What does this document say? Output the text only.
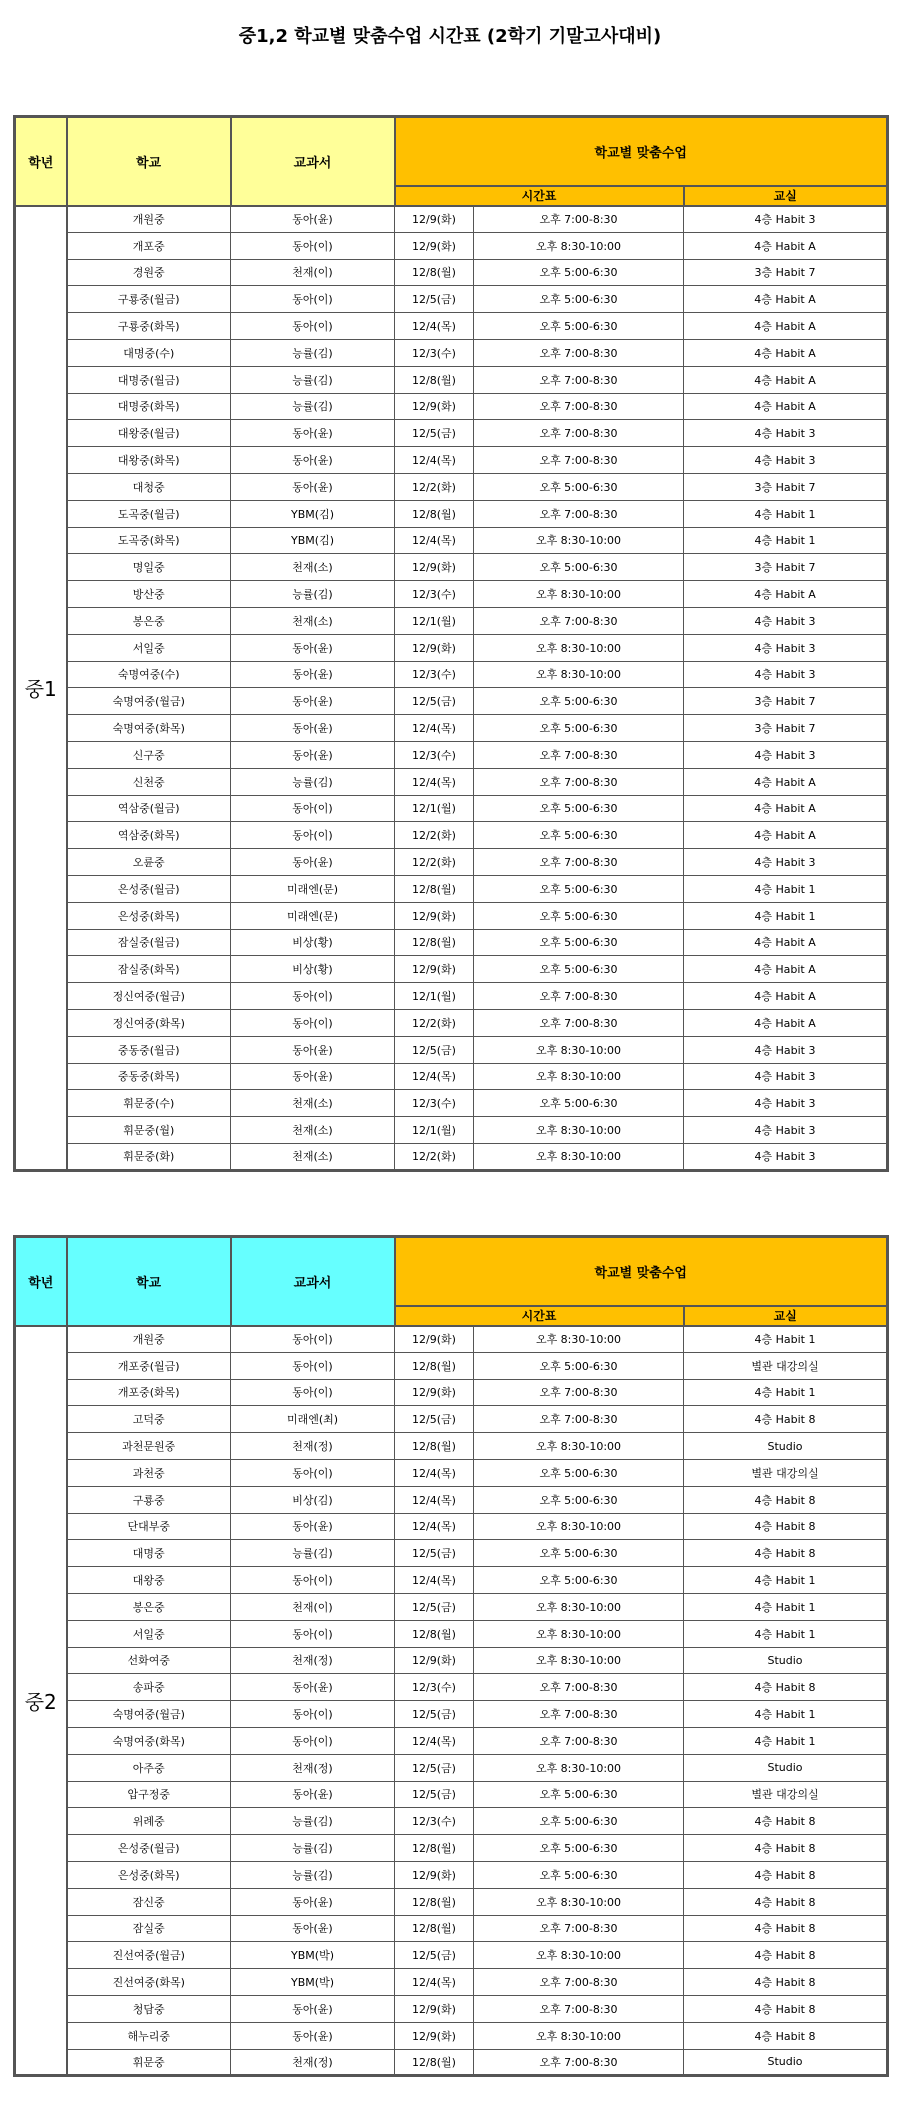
중1,2 학교별 맞춤수업 시간표 (2학기 기말고사대비)
학년	학교	교과서	학교별 맞춤수업		
			시간표		교실
중1	개원중	동아(윤)	12/9(화)	오후 7:00-8:30	4층 Habit 3
	개포중	동아(이)	12/9(화)	오후 8:30-10:00	4층 Habit A
	경원중	천재(이)	12/8(월)	오후 5:00-6:30	3층 Habit 7
	구룡중(월금)	동아(이)	12/5(금)	오후 5:00-6:30	4층 Habit A
	구룡중(화목)	동아(이)	12/4(목)	오후 5:00-6:30	4층 Habit A
	대명중(수)	능률(김)	12/3(수)	오후 7:00-8:30	4층 Habit A
	대명중(월금)	능률(김)	12/8(월)	오후 7:00-8:30	4층 Habit A
	대명중(화목)	능률(김)	12/9(화)	오후 7:00-8:30	4층 Habit A
	대왕중(월금)	동아(윤)	12/5(금)	오후 7:00-8:30	4층 Habit 3
	대왕중(화목)	동아(윤)	12/4(목)	오후 7:00-8:30	4층 Habit 3
	대청중	동아(윤)	12/2(화)	오후 5:00-6:30	3층 Habit 7
	도곡중(월금)	YBM(김)	12/8(월)	오후 7:00-8:30	4층 Habit 1
	도곡중(화목)	YBM(김)	12/4(목)	오후 8:30-10:00	4층 Habit 1
	명일중	천재(소)	12/9(화)	오후 5:00-6:30	3층 Habit 7
	방산중	능률(김)	12/3(수)	오후 8:30-10:00	4층 Habit A
	봉은중	천재(소)	12/1(월)	오후 7:00-8:30	4층 Habit 3
	서일중	동아(윤)	12/9(화)	오후 8:30-10:00	4층 Habit 3
	숙명여중(수)	동아(윤)	12/3(수)	오후 8:30-10:00	4층 Habit 3
	숙명여중(월금)	동아(윤)	12/5(금)	오후 5:00-6:30	3층 Habit 7
	숙명여중(화목)	동아(윤)	12/4(목)	오후 5:00-6:30	3층 Habit 7
	신구중	동아(윤)	12/3(수)	오후 7:00-8:30	4층 Habit 3
	신천중	능률(김)	12/4(목)	오후 7:00-8:30	4층 Habit A
	역삼중(월금)	동아(이)	12/1(월)	오후 5:00-6:30	4층 Habit A
	역삼중(화목)	동아(이)	12/2(화)	오후 5:00-6:30	4층 Habit A
	오륜중	동아(윤)	12/2(화)	오후 7:00-8:30	4층 Habit 3
	은성중(월금)	미래엔(문)	12/8(월)	오후 5:00-6:30	4층 Habit 1
	은성중(화목)	미래엔(문)	12/9(화)	오후 5:00-6:30	4층 Habit 1
	잠실중(월금)	비상(황)	12/8(월)	오후 5:00-6:30	4층 Habit A
	잠실중(화목)	비상(황)	12/9(화)	오후 5:00-6:30	4층 Habit A
	정신여중(월금)	동아(이)	12/1(월)	오후 7:00-8:30	4층 Habit A
	정신여중(화목)	동아(이)	12/2(화)	오후 7:00-8:30	4층 Habit A
	중동중(월금)	동아(윤)	12/5(금)	오후 8:30-10:00	4층 Habit 3
	중동중(화목)	동아(윤)	12/4(목)	오후 8:30-10:00	4층 Habit 3
	휘문중(수)	천재(소)	12/3(수)	오후 5:00-6:30	4층 Habit 3
	휘문중(월)	천재(소)	12/1(월)	오후 8:30-10:00	4층 Habit 3
	휘문중(화)	천재(소)	12/2(화)	오후 8:30-10:00	4층 Habit 3
학년	학교	교과서	학교별 맞춤수업		
			시간표		교실
중2	개원중	동아(이)	12/9(화)	오후 8:30-10:00	4층 Habit 1
	개포중(월금)	동아(이)	12/8(월)	오후 5:00-6:30	별관 대강의실
	개포중(화목)	동아(이)	12/9(화)	오후 7:00-8:30	4층 Habit 1
	고덕중	미래엔(최)	12/5(금)	오후 7:00-8:30	4층 Habit 8
	과천문원중	천재(정)	12/8(월)	오후 8:30-10:00	Studio
	과천중	동아(이)	12/4(목)	오후 5:00-6:30	별관 대강의실
	구룡중	비상(김)	12/4(목)	오후 5:00-6:30	4층 Habit 8
	단대부중	동아(윤)	12/4(목)	오후 8:30-10:00	4층 Habit 8
	대명중	능률(김)	12/5(금)	오후 5:00-6:30	4층 Habit 8
	대왕중	동아(이)	12/4(목)	오후 5:00-6:30	4층 Habit 1
	봉은중	천재(이)	12/5(금)	오후 8:30-10:00	4층 Habit 1
	서일중	동아(이)	12/8(월)	오후 8:30-10:00	4층 Habit 1
	선화여중	천재(정)	12/9(화)	오후 8:30-10:00	Studio
	송파중	동아(윤)	12/3(수)	오후 7:00-8:30	4층 Habit 8
	숙명여중(월금)	동아(이)	12/5(금)	오후 7:00-8:30	4층 Habit 1
	숙명여중(화목)	동아(이)	12/4(목)	오후 7:00-8:30	4층 Habit 1
	아주중	천재(정)	12/5(금)	오후 8:30-10:00	Studio
	압구정중	동아(윤)	12/5(금)	오후 5:00-6:30	별관 대강의실
	위례중	능률(김)	12/3(수)	오후 5:00-6:30	4층 Habit 8
	은성중(월금)	능률(김)	12/8(월)	오후 5:00-6:30	4층 Habit 8
	은성중(화목)	능률(김)	12/9(화)	오후 5:00-6:30	4층 Habit 8
	잠신중	동아(윤)	12/8(월)	오후 8:30-10:00	4층 Habit 8
	잠실중	동아(윤)	12/8(월)	오후 7:00-8:30	4층 Habit 8
	진선여중(월금)	YBM(박)	12/5(금)	오후 8:30-10:00	4층 Habit 8
	진선여중(화목)	YBM(박)	12/4(목)	오후 7:00-8:30	4층 Habit 8
	청담중	동아(윤)	12/9(화)	오후 7:00-8:30	4층 Habit 8
	해누리중	동아(윤)	12/9(화)	오후 8:30-10:00	4층 Habit 8
	휘문중	천재(정)	12/8(월)	오후 7:00-8:30	Studio
